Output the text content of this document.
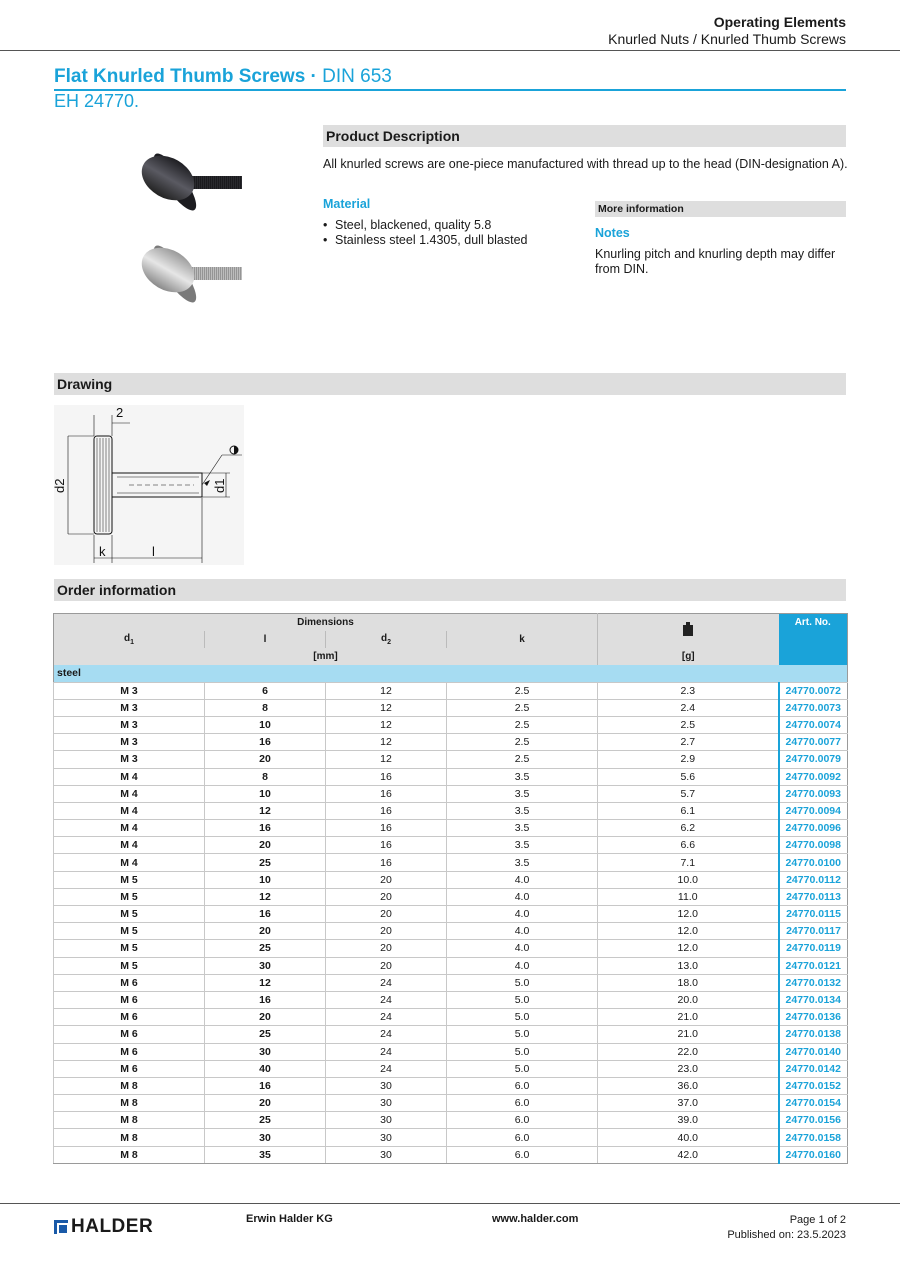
Operating Elements
Knurled Nuts / Knurled Thumb Screws
Flat Knurled Thumb Screws · DIN 653
EH 24770.
Product Description
All knurled screws are one-piece manufactured with thread up to the head (DIN-designation A).
Material
• Steel, blackened, quality 5.8
• Stainless steel 1.4305, dull blasted
More information
Notes
Knurling pitch and knurling depth may differ from DIN.
Drawing
2
d2	d1
k	l
Order information
Dimensions					Art. No.
$d_1$	l	$d_2$	k		
[mm]				[g]	
steel					
M 3	6	12	2.5	2.3	24770.0072
M 3	8	12	2.5	2.4	24770.0073
M 3	10	12	2.5	2.5	24770.0074
M 3	16	12	2.5	2.7	24770.0077
M 3	20	12	2.5	2.9	24770.0079
M 4	8	16	3.5	5.6	24770.0092
M 4	10	16	3.5	5.7	24770.0093
M 4	12	16	3.5	6.1	24770.0094
M 4	16	16	3.5	6.2	24770.0096
M 4	20	16	3.5	6.6	24770.0098
M 4	25	16	3.5	7.1	24770.0100
M 5	10	20	4.0	10.0	24770.0112
M 5	12	20	4.0	11.0	24770.0113
M 5	16	20	4.0	12.0	24770.0115
M 5	20	20	4.0	12.0	24770.0117
M 5	25	20	4.0	12.0	24770.0119
M 5	30	20	4.0	13.0	24770.0121
M 6	12	24	5.0	18.0	24770.0132
M 6	16	24	5.0	20.0	24770.0134
M 6	20	24	5.0	21.0	24770.0136
M 6	25	24	5.0	21.0	24770.0138
M 6	30	24	5.0	22.0	24770.0140
M 6	40	24	5.0	23.0	24770.0142
M 8	16	30	6.0	36.0	24770.0152
M 8	20	30	6.0	37.0	24770.0154
M 8	25	30	6.0	39.0	24770.0156
M 8	30	30	6.0	40.0	24770.0158
M 8	35	30	6.0	42.0	24770.0160
HALDER	Erwin Halder KG	www.halder.com	Page 1 of 2
Published on: 23.5.2023
